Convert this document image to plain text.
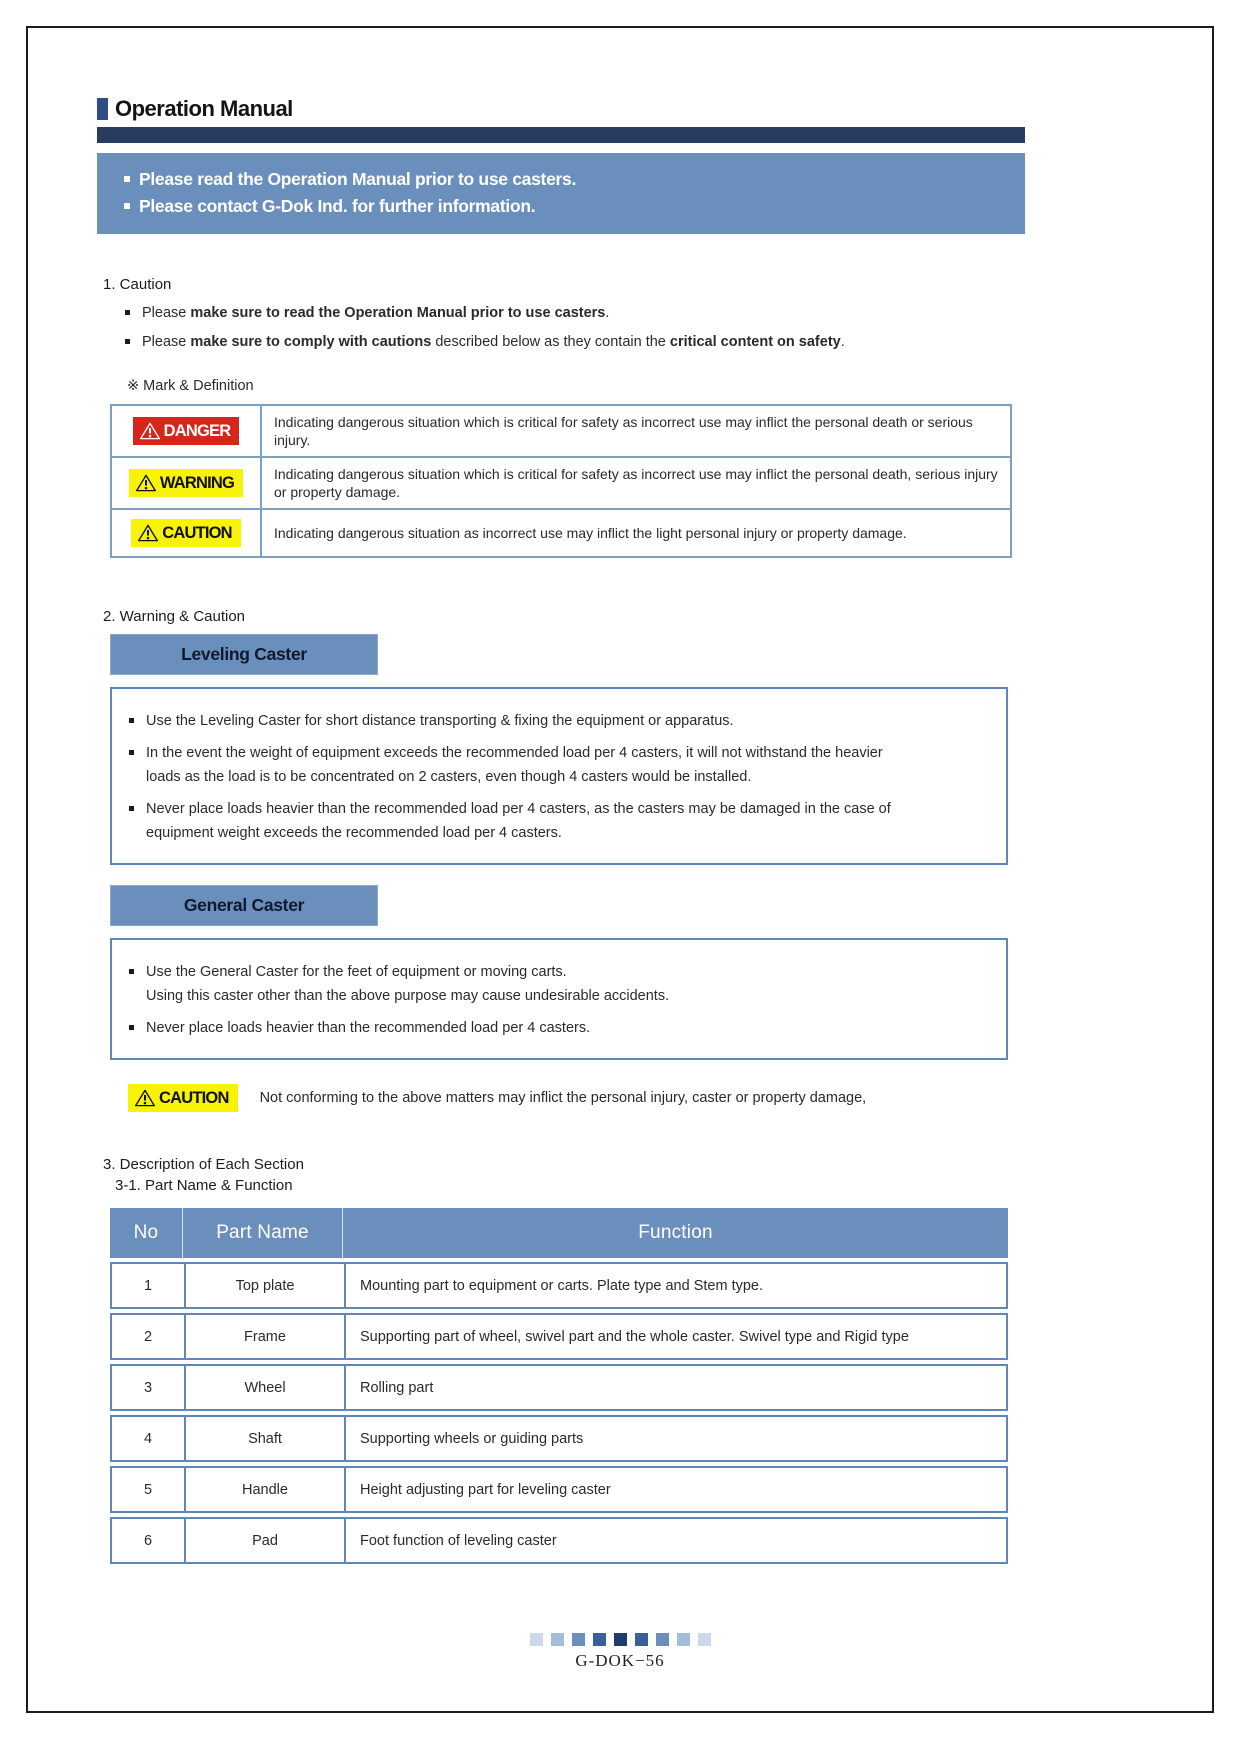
Operation Manual
Please read the Operation Manual prior to use casters.
Please contact G-Dok Ind. for further information.
1. Caution
Please make sure to read the Operation Manual prior to use casters.
Please make sure to comply with cautions described below as they contain the critical content on safety.
※ Mark & Definition
DANGER	Indicating dangerous situation which is critical for safety as incorrect use may inflict the personal death or serious injury.
WARNING	Indicating dangerous situation which is critical for safety as incorrect use may inflict the personal death, serious injury or property damage.
CAUTION	Indicating dangerous situation as incorrect use may inflict the light personal injury or property damage.
2. Warning & Caution
Leveling Caster
Use the Leveling Caster for short distance transporting & fixing the equipment or apparatus.
In the event the weight of equipment exceeds the recommended load per 4 casters, it will not withstand the heavier
loads as the load is to be concentrated on 2 casters, even though 4 casters would be installed.
Never place loads heavier than the recommended load per 4 casters, as the casters may be damaged in the case of
equipment weight exceeds the recommended load per 4 casters.
General Caster
Use the General Caster for the feet of equipment or moving carts.
Using this caster other than the above purpose may cause undesirable accidents.
Never place loads heavier than the recommended load per 4 casters.
CAUTION Not conforming to the above matters may inflict the personal injury, caster or property damage,
3. Description of Each Section
3-1. Part Name & Function
No	Part Name	Function
1	Top plate	Mounting part to equipment or carts. Plate type and Stem type.
2	Frame	Supporting part of wheel, swivel part and the whole caster. Swivel type and Rigid type
3	Wheel	Rolling part
4	Shaft	Supporting wheels or guiding parts
5	Handle	Height adjusting part for leveling caster
6	Pad	Foot function of leveling caster
G-DOK−56
